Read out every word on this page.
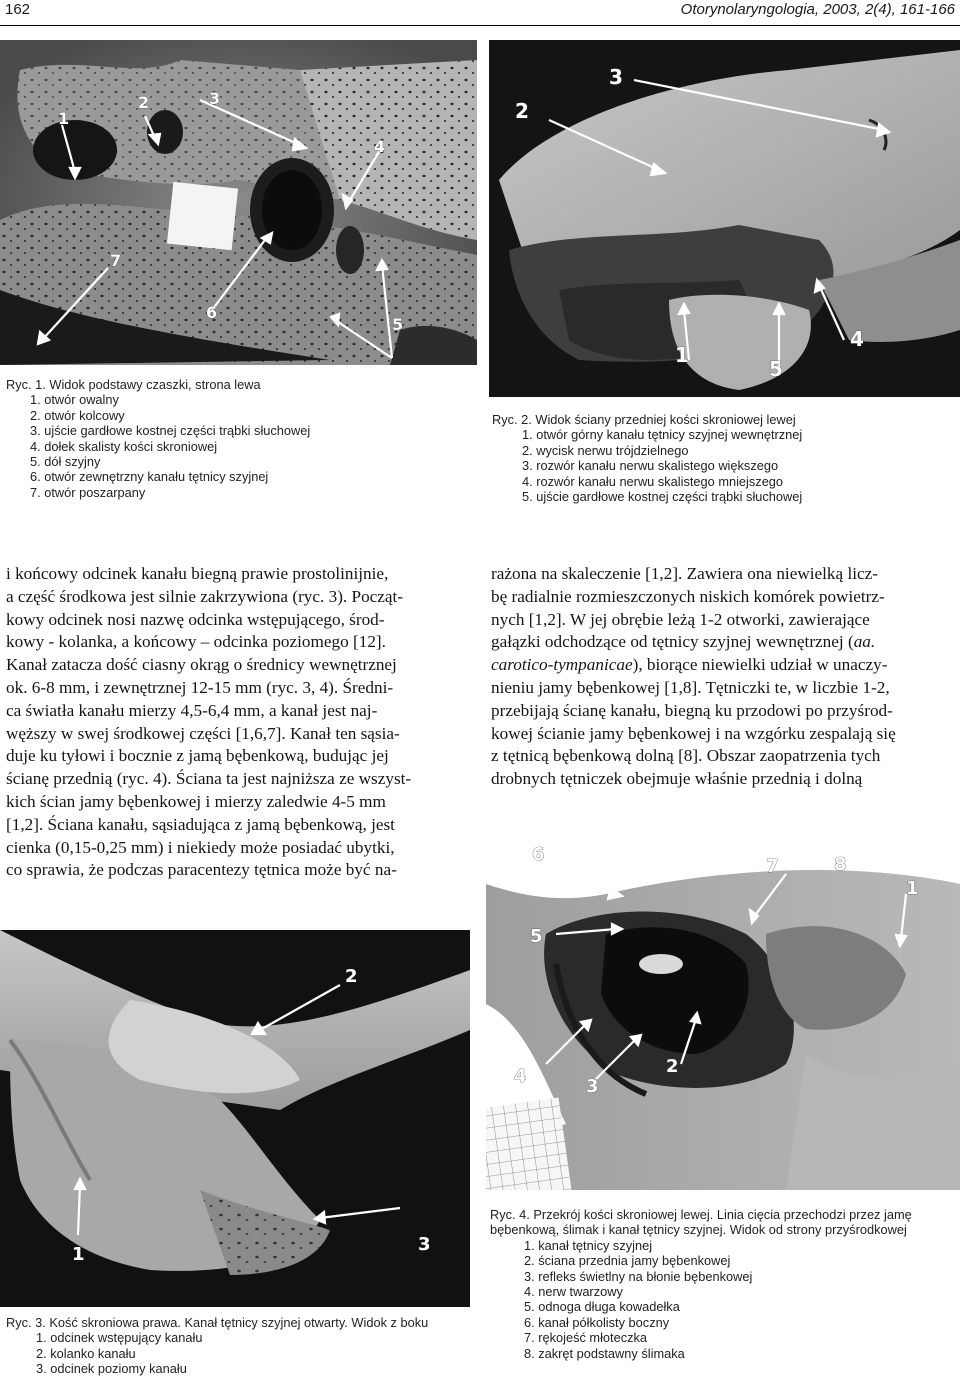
162	Otorynolaryngologia, 2003, 2(4), 161-166
1
2	3
4
5
6
7
2
3
1
5
4
Ryc. 1. Widok podstawy czaszki, strona lewa
1. otwór owalny
2. otwór kolcowy
3. ujście gardłowe kostnej części trąbki słuchowej
4. dołek skalisty kości skroniowej
5. dół szyjny
6. otwór zewnętrzny kanału tętnicy szyjnej
7. otwór poszarpany
Ryc. 2. Widok ściany przedniej kości skroniowej lewej
1. otwór górny kanału tętnicy szyjnej wewnętrznej
2. wycisk nerwu trójdzielnego
3. rozwór kanału nerwu skalistego większego
4. rozwór kanału nerwu skalistego mniejszego
5. ujście gardłowe kostnej części trąbki słuchowej

i końcowy odcinek kanału biegną prawie prostolinijnie,

a część środkowa jest silnie zakrzywiona (ryc. 3). Począt-

kowy odcinek nosi nazwę odcinka wstępującego, środ-

kowy - kolanka, a końcowy – odcinka poziomego [12].

Kanał zatacza dość ciasny okrąg o średnicy wewnętrznej

ok. 6-8 mm, i zewnętrznej 12-15 mm (ryc. 3, 4). Średni-

ca światła kanału mierzy 4,5-6,4 mm, a kanał jest naj-

węższy w swej środkowej części [1,6,7]. Kanał ten sąsia-

duje ku tyłowi i bocznie z jamą bębenkową, budując jej

ścianę przednią (ryc. 4). Ściana ta jest najniższa ze wszyst-

kich ścian jamy bębenkowej i mierzy zaledwie 4-5 mm

[1,2]. Ściana kanału, sąsiadująca z jamą bębenkową, jest

cienka (0,15-0,25 mm) i niekiedy może posiadać ubytki,

co sprawia, że podczas paracentezy tętnica może być na-

rażona na skaleczenie [1,2]. Zawiera ona niewielką licz-

bę radialnie rozmieszczonych niskich komórek powietrz-

nych [1,2]. W jej obrębie leżą 1-2 otworki, zawierające

gałązki odchodzące od tętnicy szyjnej wewnętrznej (aa.

carotico-tympanicae), biorące niewielki udział w unaczy-

nieniu jamy bębenkowej [1,8]. Tętniczki te, w liczbie 1-2,

przebijają ścianę kanału, biegną ku przodowi po przyśrod-

kowej ścianie jamy bębenkowej i na wzgórku zespalają się

z tętnicą bębenkową dolną [8]. Obszar zaopatrzenia tych

drobnych tętniczek obejmuje właśnie przednią i dolną

6
7	8
1
5
4	3
2
2
1	3
Ryc. 4. Przekrój kości skroniowej lewej. Linia cięcia przechodzi przez jamę
bębenkową, ślimak i kanał tętnicy szyjnej. Widok od strony przyśrodkowej
1. kanał tętnicy szyjnej
2. ściana przednia jamy bębenkowej
3. refleks świetlny na błonie bębenkowej
4. nerw twarzowy
5. odnoga długa kowadełka
6. kanał półkolisty boczny
7. rękojeść młoteczka
8. zakręt podstawny ślimaka
Ryc. 3. Kość skroniowa prawa. Kanał tętnicy szyjnej otwarty. Widok z boku
1. odcinek wstępujący kanału
2. kolanko kanału
3. odcinek poziomy kanału
